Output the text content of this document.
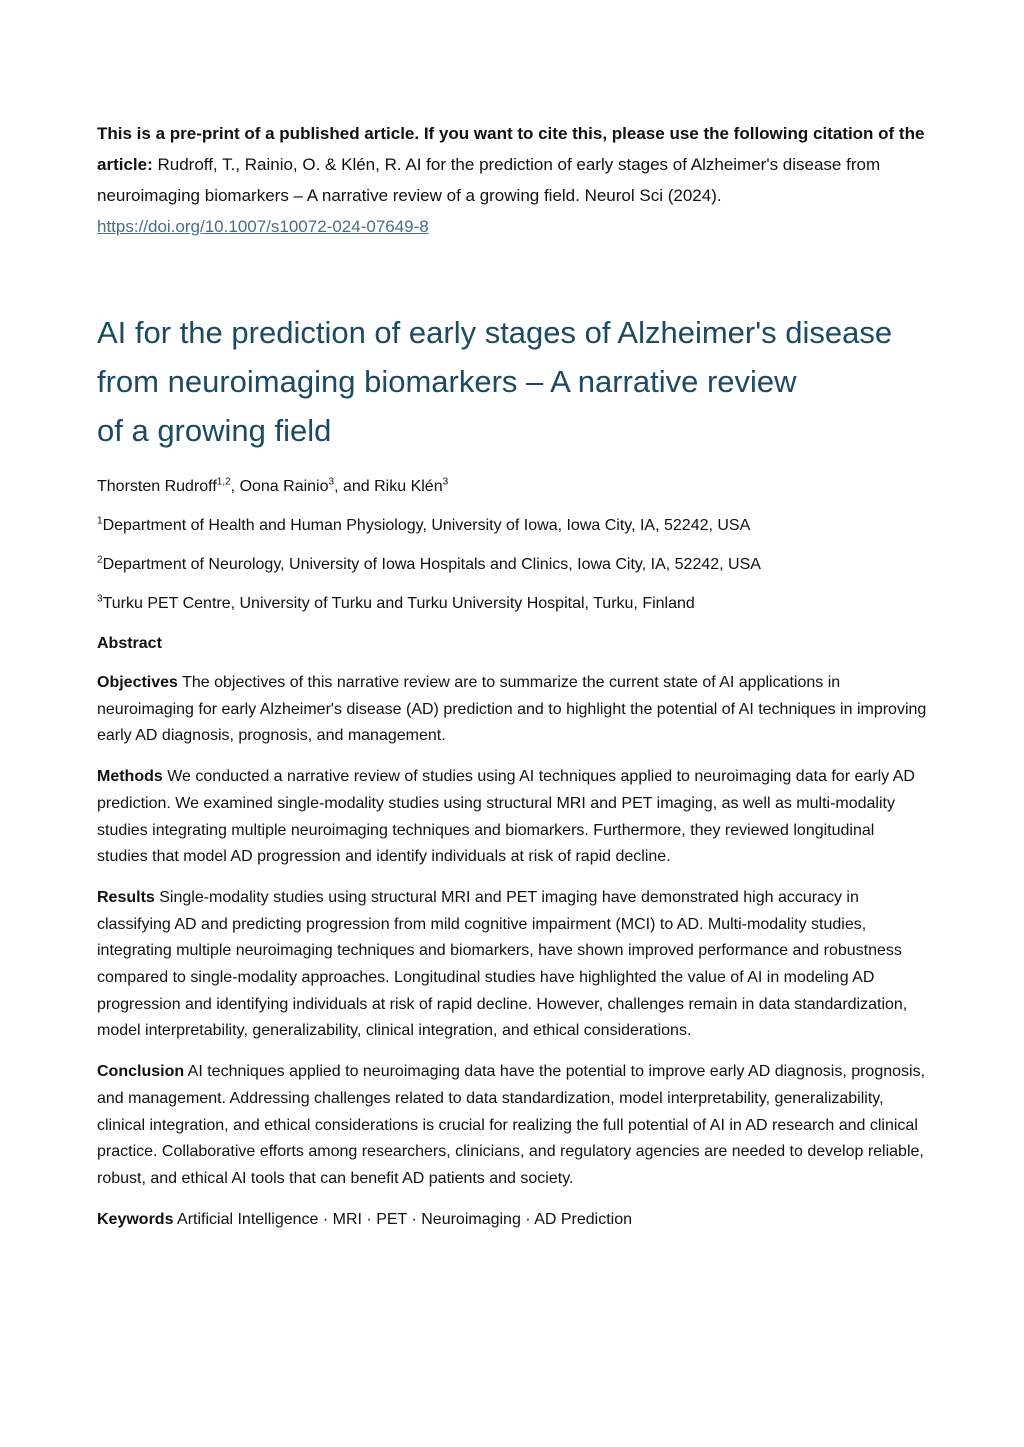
This is a pre-print of a published article. If you want to cite this, please use the following citation of the article: Rudroff, T., Rainio, O. & Klén, R. AI for the prediction of early stages of Alzheimer's disease from neuroimaging biomarkers – A narrative review of a growing field. Neurol Sci (2024).
https://doi.org/10.1007/s10072-024-07649-8

AI for the prediction of early stages of Alzheimer's disease
from neuroimaging biomarkers – A narrative review
of a growing field

Thorsten Rudroff$^{1,2}$, Oona Rainio$^3$, and Riku Klén$^3$

$^1$Department of Health and Human Physiology, University of Iowa, Iowa City, IA, 52242, USA

$^2$Department of Neurology, University of Iowa Hospitals and Clinics, Iowa City, IA, 52242, USA

$^3$Turku PET Centre, University of Turku and Turku University Hospital, Turku, Finland

Abstract

Objectives The objectives of this narrative review are to summarize the current state of AI applications in neuroimaging for early Alzheimer's disease (AD) prediction and to highlight the potential of AI techniques in improving early AD diagnosis, prognosis, and management.

Methods We conducted a narrative review of studies using AI techniques applied to neuroimaging data for early AD prediction. We examined single-modality studies using structural MRI and PET imaging, as well as multi-modality studies integrating multiple neuroimaging techniques and biomarkers. Furthermore, they reviewed longitudinal studies that model AD progression and identify individuals at risk of rapid decline.

Results Single-modality studies using structural MRI and PET imaging have demonstrated high accuracy in classifying AD and predicting progression from mild cognitive impairment (MCI) to AD. Multi-modality studies, integrating multiple neuroimaging techniques and biomarkers, have shown improved performance and robustness compared to single-modality approaches. Longitudinal studies have highlighted the value of AI in modeling AD progression and identifying individuals at risk of rapid decline. However, challenges remain in data standardization, model interpretability, generalizability, clinical integration, and ethical considerations.

Conclusion AI techniques applied to neuroimaging data have the potential to improve early AD diagnosis, prognosis, and management. Addressing challenges related to data standardization, model interpretability, generalizability, clinical integration, and ethical considerations is crucial for realizing the full potential of AI in AD research and clinical practice. Collaborative efforts among researchers, clinicians, and regulatory agencies are needed to develop reliable, robust, and ethical AI tools that can benefit AD patients and society.

Keywords Artificial Intelligence · MRI · PET · Neuroimaging · AD Prediction
